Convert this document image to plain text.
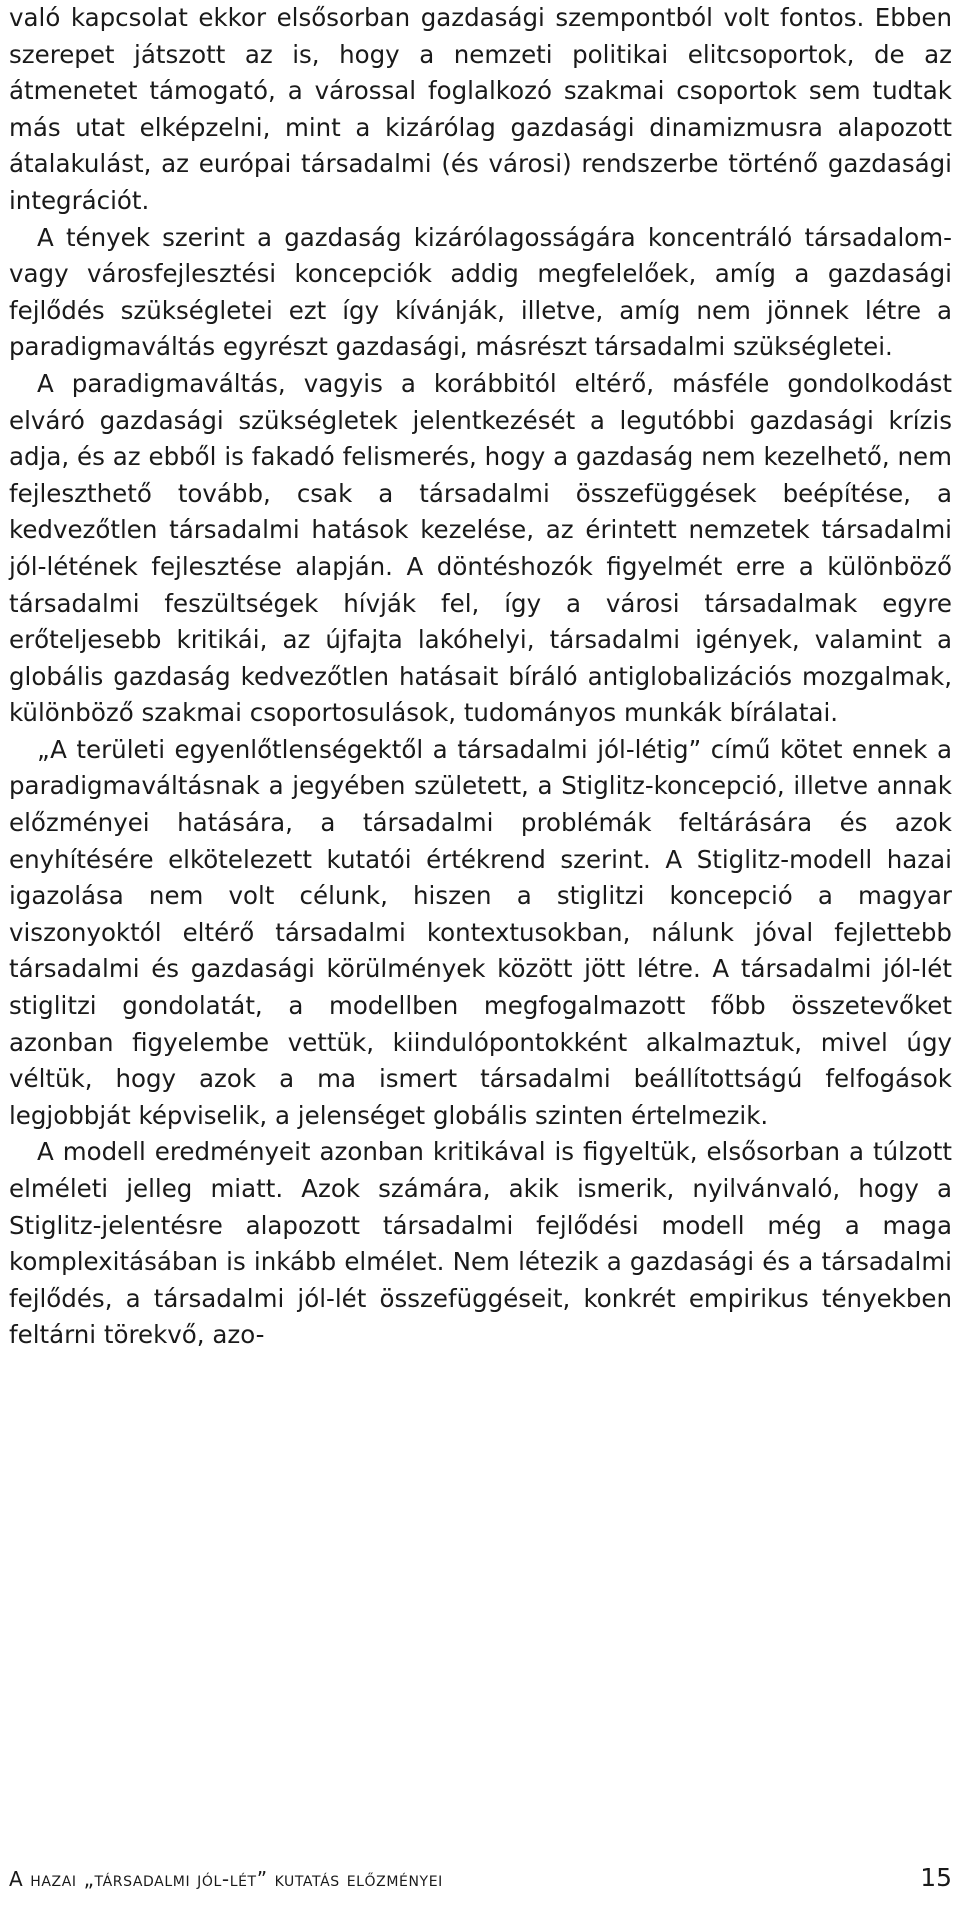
való kapcsolat ekkor elsősorban gazdasági szempontból volt fontos. Ebben szerepet játszott az is, hogy a nemzeti politikai elitcsoportok, de az átmenetet támogató, a várossal foglalkozó szakmai csoportok sem tudtak más utat elképzelni, mint a kizárólag gazdasági dinamizmusra alapozott átalakulást, az európai társadalmi (és városi) rendszerbe történő gazdasági integrációt.

A tények szerint a gazdaság kizárólagosságára koncentráló társadalom- vagy városfejlesztési koncepciók addig megfelelőek, amíg a gazdasági fejlődés szükségletei ezt így kívánják, illetve, amíg nem jönnek létre a paradigmaváltás egyrészt gazdasági, másrészt társadalmi szükségletei.

A paradigmaváltás, vagyis a korábbitól eltérő, másféle gondolkodást elváró gazdasági szükségletek jelentkezését a legutóbbi gazdasági krízis adja, és az ebből is fakadó felismerés, hogy a gazdaság nem kezelhető, nem fejleszthető tovább, csak a társadalmi összefüggések beépítése, a kedvezőtlen társadalmi hatások kezelése, az érintett nemzetek társadalmi jól-létének fejlesztése alapján. A döntéshozók figyelmét erre a különböző társadalmi feszültségek hívják fel, így a városi társadalmak egyre erőteljesebb kritikái, az újfajta lakóhelyi, társadalmi igények, valamint a globális gazdaság kedvezőtlen hatásait bíráló antiglobalizációs mozgalmak, különböző szakmai csoportosulások, tudományos munkák bírálatai.

„A területi egyenlőtlenségektől a társadalmi jól-létig” című kötet ennek a paradigmaváltásnak a jegyében született, a Stiglitz-koncepció, illetve annak előzményei hatására, a társadalmi problémák feltárására és azok enyhítésére elkötelezett kutatói értékrend szerint. A Stiglitz-modell hazai igazolása nem volt célunk, hiszen a stiglitzi koncepció a magyar viszonyoktól eltérő társadalmi kontextusokban, nálunk jóval fejlettebb társadalmi és gazdasági körülmények között jött létre. A társadalmi jól-lét stiglitzi gondolatát, a modellben megfogalmazott főbb összetevőket azonban figyelembe vettük, kiindulópontokként alkalmaztuk, mivel úgy véltük, hogy azok a ma ismert társadalmi beállítottságú felfogások legjobbját képviselik, a jelenséget globális szinten értelmezik.

A modell eredményeit azonban kritikával is figyeltük, elsősorban a túlzott elméleti jelleg miatt. Azok számára, akik ismerik, nyilvánvaló, hogy a Stiglitz-jelentésre alapozott társadalmi fejlődési modell még a maga komplexitásában is inkább elmélet. Nem létezik a gazdasági és a társadalmi fejlődés, a társadalmi jól-lét összefüggéseit, konkrét empirikus tényekben feltárni törekvő, azo-

A hazai „társadalmi jól-lét” kutatás előzményei	15
